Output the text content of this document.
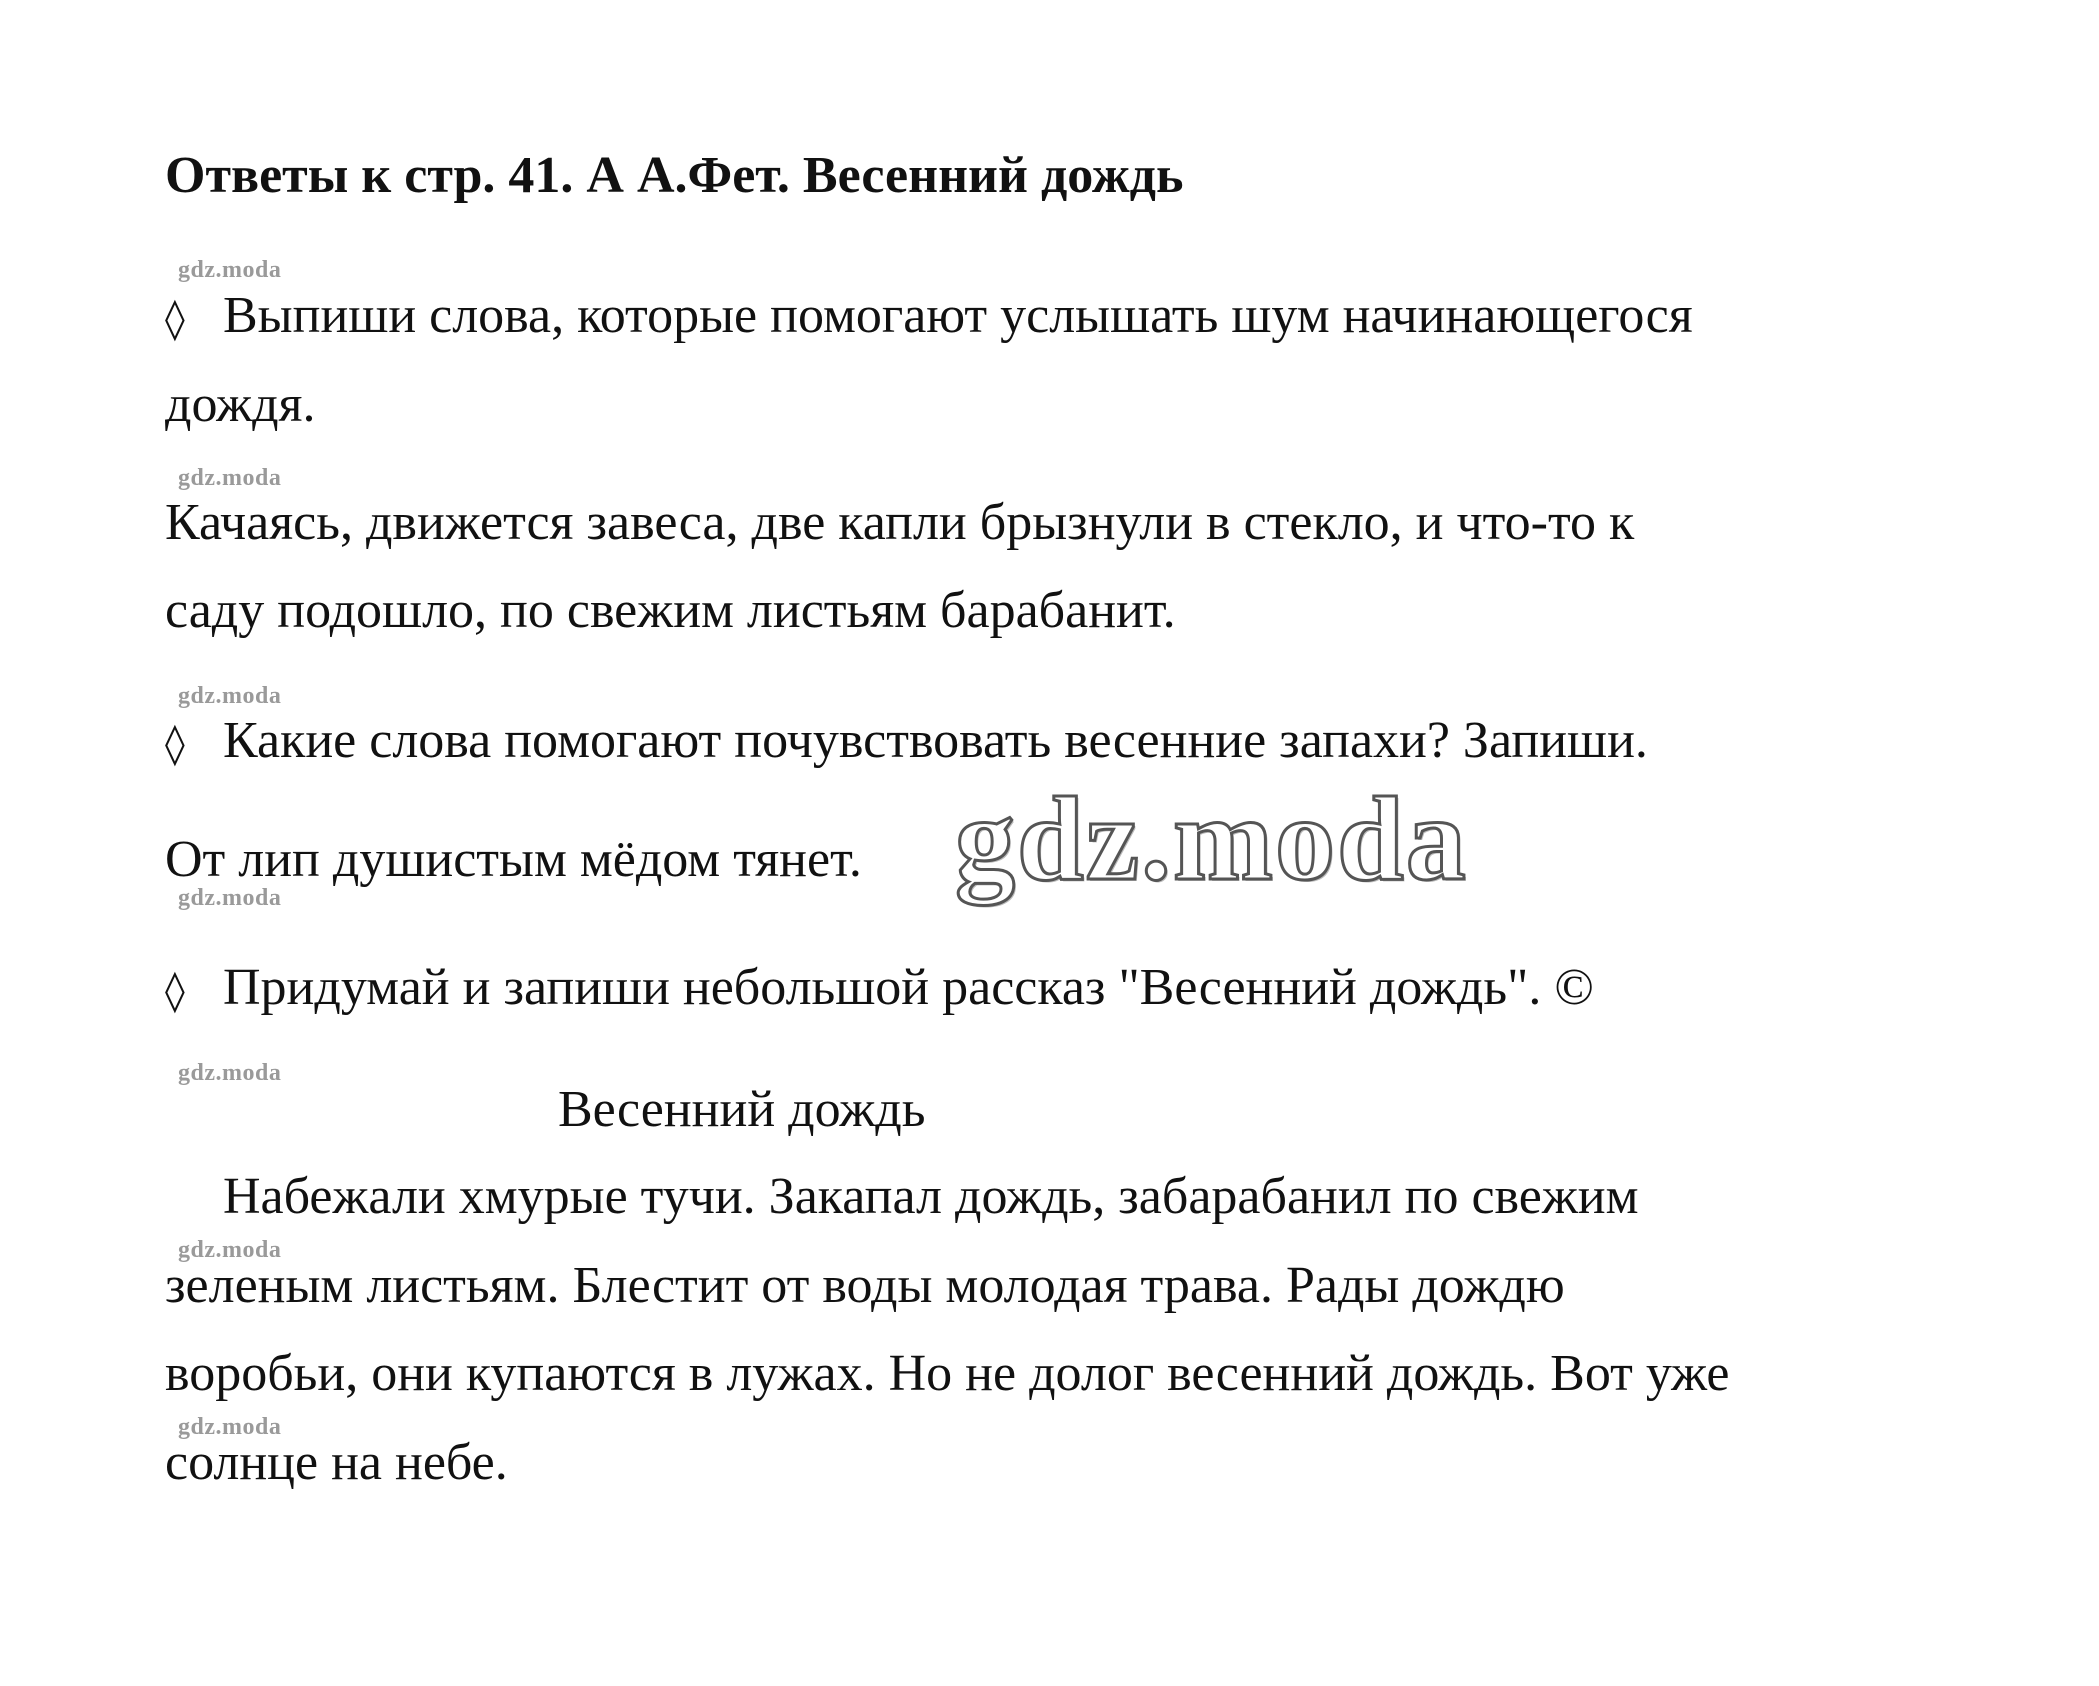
Ответы к стр. 41. А А.Фет. Весенний дождь
gdz.moda
◊ Выпиши слова, которые помогают услышать шум начинающегося
дождя.
gdz.moda
Качаясь, движется завеса, две капли брызнули в стекло, и что-то к
саду подошло, по свежим листьям барабанит.
gdz.moda
◊ Какие слова помогают почувствовать весенние запахи? Запиши.
От лип душистым мёдом тянет. gdz.moda
gdz.moda
◊ Придумай и запиши небольшой рассказ "Весенний дождь". ©
gdz.moda
Весенний дождь
Набежали хмурые тучи. Закапал дождь, забарабанил по свежим
gdz.moda
зеленым листьям. Блестит от воды молодая трава. Рады дождю
воробьи, они купаются в лужах. Но не долог весенний дождь. Вот уже
gdz.moda
солнце на небе.
